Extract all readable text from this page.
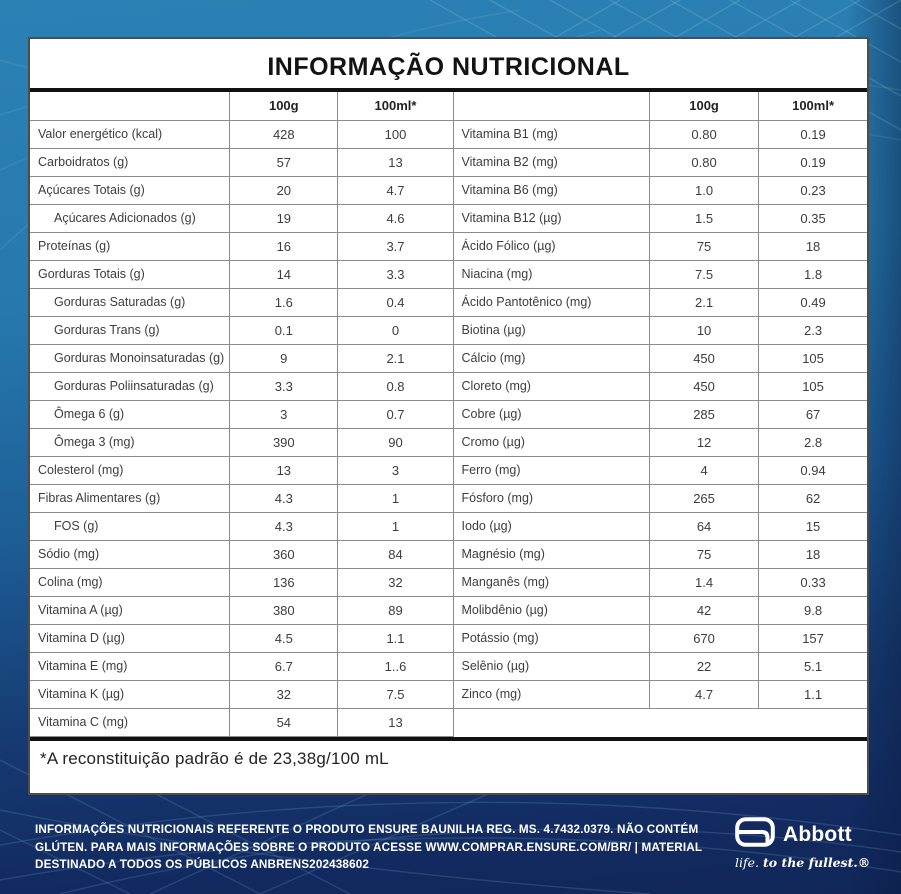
INFORMAÇÃO NUTRICIONAL
	100g	100ml*
Valor energético (kcal)	428	100
Carboidratos (g)	57	13
Açúcares Totais (g)	20	4.7
Açúcares Adicionados (g)	19	4.6
Proteínas (g)	16	3.7
Gorduras Totais (g)	14	3.3
Gorduras Saturadas (g)	1.6	0.4
Gorduras Trans (g)	0.1	0
Gorduras Monoinsaturadas (g)	9	2.1
Gorduras Poliinsaturadas (g)	3.3	0.8
Ômega 6 (g)	3	0.7
Ômega 3 (mg)	390	90
Colesterol (mg)	13	3
Fibras Alimentares (g)	4.3	1
FOS (g)	4.3	1
Sódio (mg)	360	84
Colina (mg)	136	32
Vitamina A (µg)	380	89
Vitamina D (µg)	4.5	1.1
Vitamina E (mg)	6.7	1..6
Vitamina K (µg)	32	7.5
Vitamina C (mg)	54	13
	100g	100ml*
Vitamina B1 (mg)	0.80	0.19
Vitamina B2 (mg)	0.80	0.19
Vitamina B6 (mg)	1.0	0.23
Vitamina B12 (µg)	1.5	0.35
Ácido Fólico (µg)	75	18
Niacina (mg)	7.5	1.8
Ácido Pantotênico (mg)	2.1	0.49
Biotina (µg)	10	2.3
Cálcio (mg)	450	105
Cloreto (mg)	450	105
Cobre (µg)	285	67
Cromo (µg)	12	2.8
Ferro (mg)	4	0.94
Fósforo (mg)	265	62
Iodo (µg)	64	15
Magnésio (mg)	75	18
Manganês (mg)	1.4	0.33
Molibdênio (µg)	42	9.8
Potássio (mg)	670	157
Selênio (µg)	22	5.1
Zinco (mg)	4.7	1.1
*A reconstituição padrão é de 23,38g/100 mL
INFORMAÇÕES NUTRICIONAIS REFERENTE O PRODUTO ENSURE BAUNILHA REG. MS. 4.7432.0379. NÃO CONTÉM GLÚTEN. PARA MAIS INFORMAÇÕES SOBRE O PRODUTO ACESSE WWW.COMPRAR.ENSURE.COM/BR/ | MATERIAL DESTINADO A TODOS OS PÚBLICOS ANBRENS202438602
Abbott
life. to the fullest.®
